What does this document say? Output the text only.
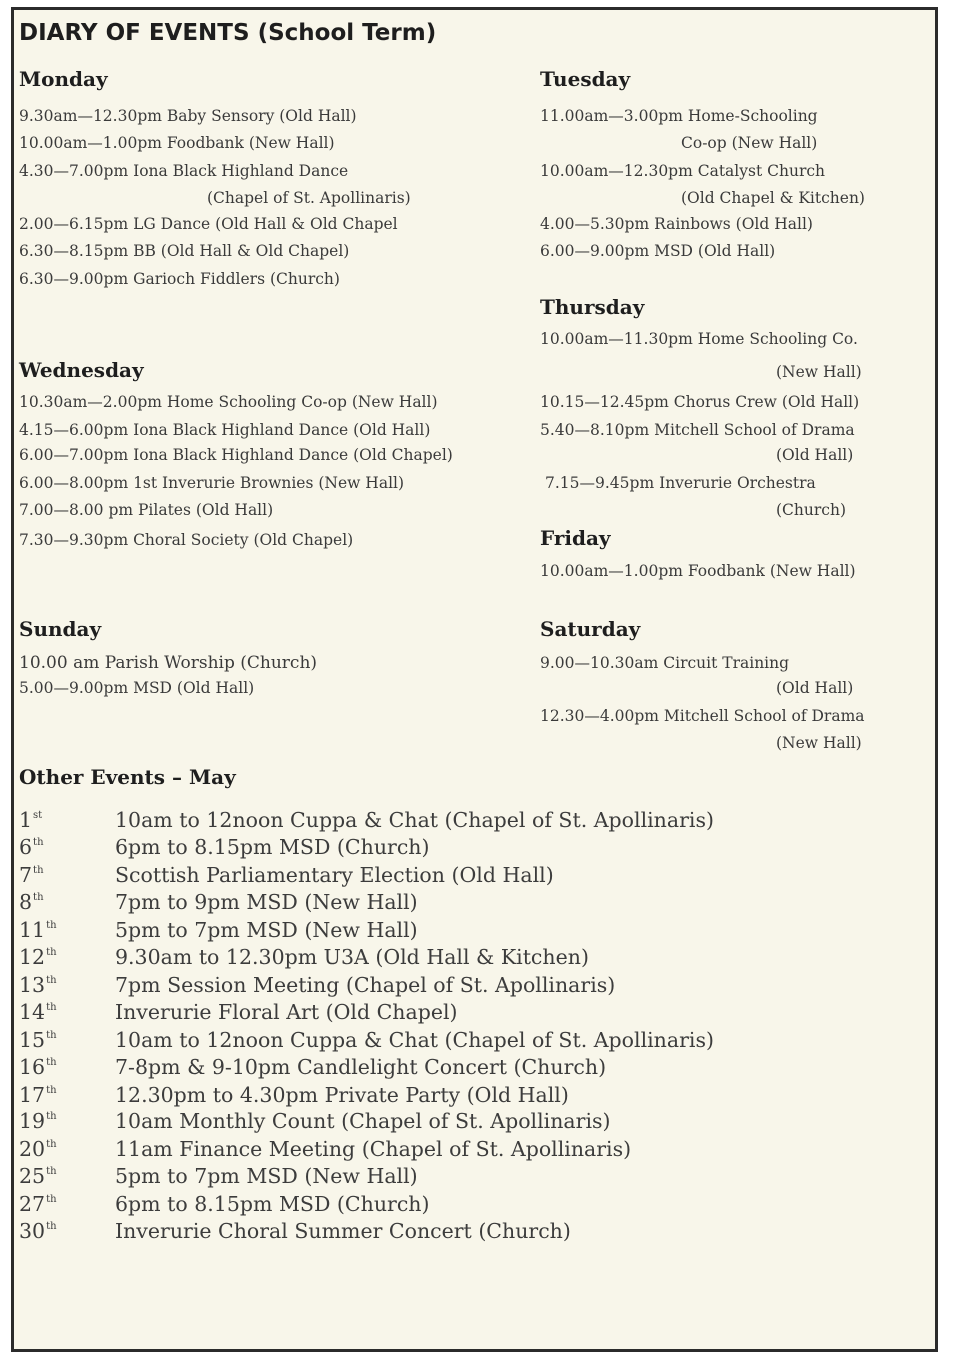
DIARY OF EVENTS (School Term)
Monday
9.30am—12.30pm Baby Sensory (Old Hall)
10.00am—1.00pm Foodbank (New Hall)
4.30—7.00pm Iona Black Highland Dance
(Chapel of St. Apollinaris)
2.00—6.15pm LG Dance (Old Hall & Old Chapel
6.30—8.15pm BB (Old Hall & Old Chapel)
6.30—9.00pm Garioch Fiddlers (Church)
Tuesday
11.00am—3.00pm Home-Schooling
Co-op (New Hall)
10.00am—12.30pm Catalyst Church
(Old Chapel & Kitchen)
4.00—5.30pm Rainbows (Old Hall)
6.00—9.00pm MSD (Old Hall)
Thursday
10.00am—11.30pm Home Schooling Co.
(New Hall)
10.15—12.45pm Chorus Crew (Old Hall)
5.40—8.10pm Mitchell School of Drama
(Old Hall)
7.15—9.45pm Inverurie Orchestra
(Church)
Wednesday
10.30am—2.00pm Home Schooling Co-op (New Hall)
4.15—6.00pm Iona Black Highland Dance (Old Hall)
6.00—7.00pm Iona Black Highland Dance (Old Chapel)
6.00—8.00pm 1st Inverurie Brownies (New Hall)
7.00—8.00 pm Pilates (Old Hall)
7.30—9.30pm Choral Society (Old Chapel)	Friday
10.00am—1.00pm Foodbank (New Hall)
Sunday
10.00 am Parish Worship (Church)
5.00—9.00pm MSD (Old Hall)
Saturday
9.00—10.30am Circuit Training
(Old Hall)
12.30—4.00pm Mitchell School of Drama
(New Hall)
Other Events – May
1st	10am to 12noon Cuppa & Chat (Chapel of St. Apollinaris)
6th	6pm to 8.15pm MSD (Church)
7th	Scottish Parliamentary Election (Old Hall)
8th	7pm to 9pm MSD (New Hall)
11th	5pm to 7pm MSD (New Hall)
12th	9.30am to 12.30pm U3A (Old Hall & Kitchen)
13th	7pm Session Meeting (Chapel of St. Apollinaris)
14th	Inverurie Floral Art (Old Chapel)
15th	10am to 12noon Cuppa & Chat (Chapel of St. Apollinaris)
16th	7-8pm & 9-10pm Candlelight Concert (Church)
17th	12.30pm to 4.30pm Private Party (Old Hall)
19th	10am Monthly Count (Chapel of St. Apollinaris)
20th	11am Finance Meeting (Chapel of St. Apollinaris)
25th	5pm to 7pm MSD (New Hall)
27th	6pm to 8.15pm MSD (Church)
30th	Inverurie Choral Summer Concert (Church)
